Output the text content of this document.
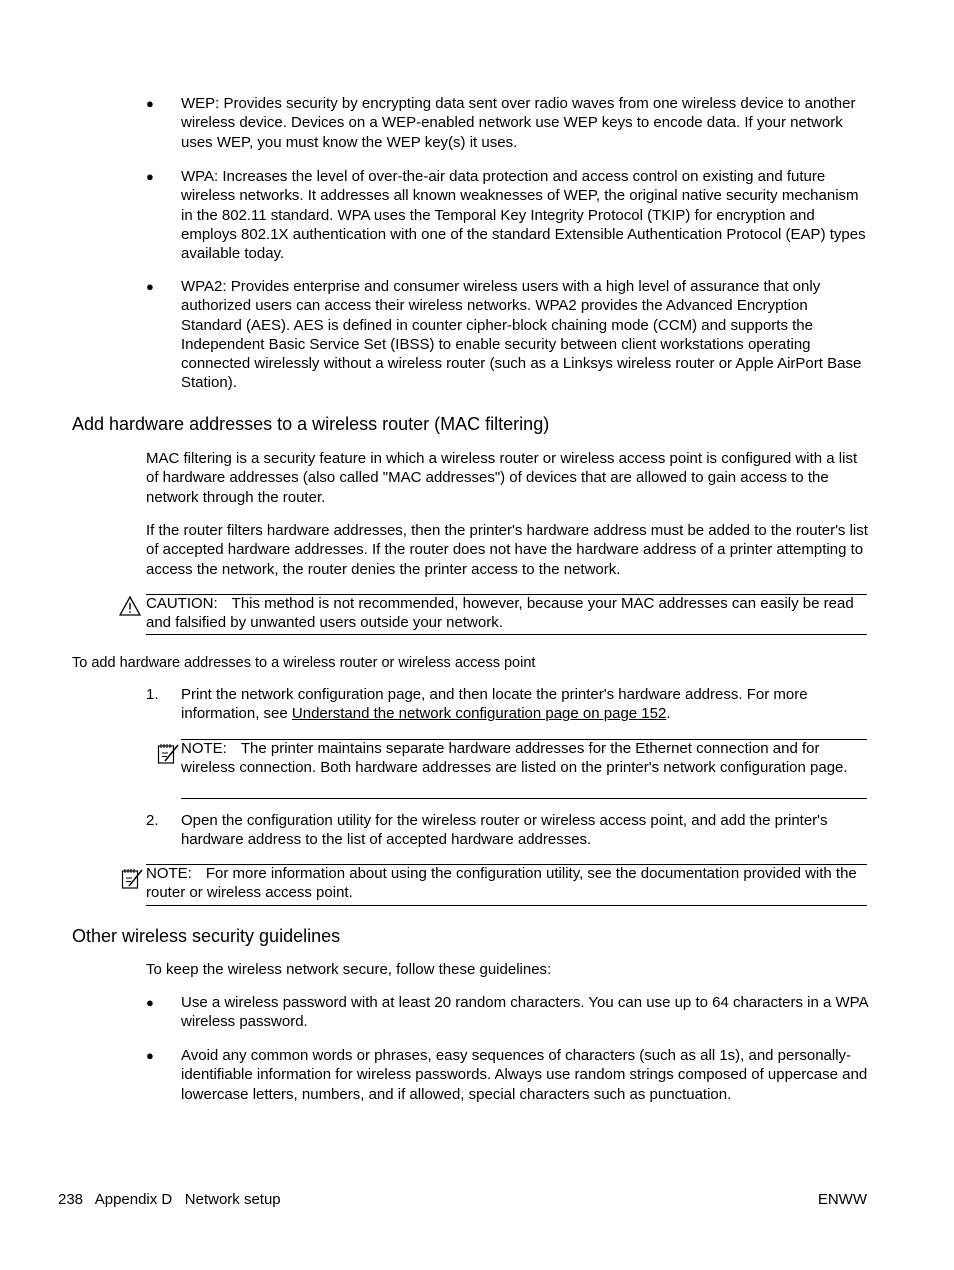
● WEP: Provides security by encrypting data sent over radio waves from one wireless device to another wireless device. Devices on a WEP-enabled network use WEP keys to encode data. If your network uses WEP, you must know the WEP key(s) it uses.
● WPA: Increases the level of over-the-air data protection and access control on existing and future wireless networks. It addresses all known weaknesses of WEP, the original native security mechanism in the 802.11 standard. WPA uses the Temporal Key Integrity Protocol (TKIP) for encryption and employs 802.1X authentication with one of the standard Extensible Authentication Protocol (EAP) types available today.
● WPA2: Provides enterprise and consumer wireless users with a high level of assurance that only authorized users can access their wireless networks. WPA2 provides the Advanced Encryption Standard (AES). AES is defined in counter cipher-block chaining mode (CCM) and supports the Independent Basic Service Set (IBSS) to enable security between client workstations operating connected wirelessly without a wireless router (such as a Linksys wireless router or Apple AirPort Base Station).
Add hardware addresses to a wireless router (MAC filtering)
MAC filtering is a security feature in which a wireless router or wireless access point is configured with a list of hardware addresses (also called "MAC addresses") of devices that are allowed to gain access to the network through the router.
If the router filters hardware addresses, then the printer's hardware address must be added to the router's list of accepted hardware addresses. If the router does not have the hardware address of a printer attempting to access the network, the router denies the printer access to the network.
CAUTION: This method is not recommended, however, because your MAC addresses can easily be read and falsified by unwanted users outside your network.
To add hardware addresses to a wireless router or wireless access point
1. Print the network configuration page, and then locate the printer's hardware address. For more information, see Understand the network configuration page on page 152.
NOTE: The printer maintains separate hardware addresses for the Ethernet connection and for wireless connection. Both hardware addresses are listed on the printer's network configuration page.
2. Open the configuration utility for the wireless router or wireless access point, and add the printer's hardware address to the list of accepted hardware addresses.
NOTE: For more information about using the configuration utility, see the documentation provided with the router or wireless access point.
Other wireless security guidelines
To keep the wireless network secure, follow these guidelines:
● Use a wireless password with at least 20 random characters. You can use up to 64 characters in a WPA wireless password.
● Avoid any common words or phrases, easy sequences of characters (such as all 1s), and personally-identifiable information for wireless passwords. Always use random strings composed of uppercase and lowercase letters, numbers, and if allowed, special characters such as punctuation.
238 Appendix D   Network setup	ENWW
